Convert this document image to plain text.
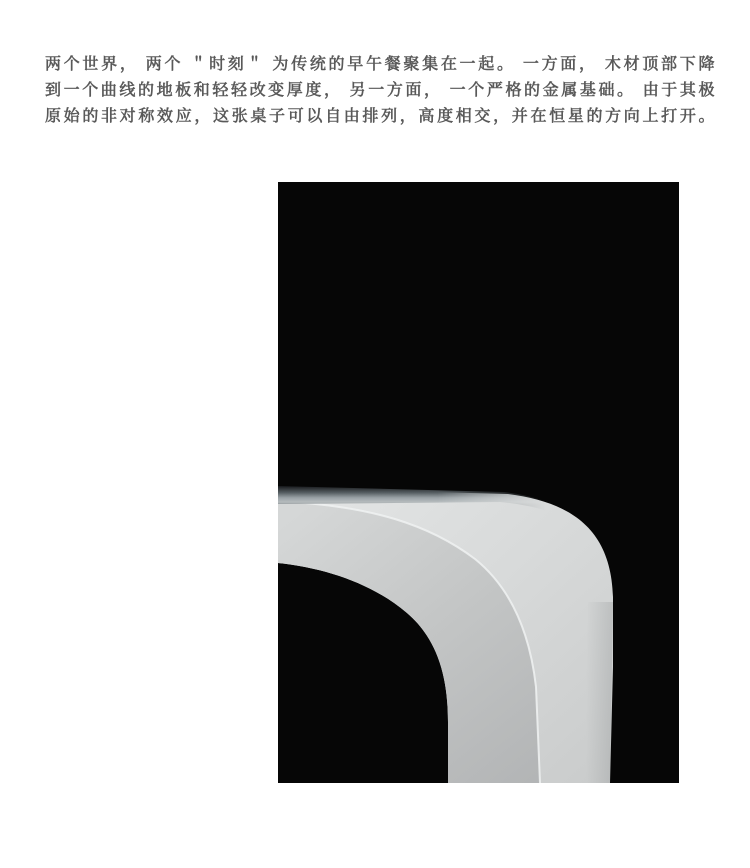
两个世界， 两个 ＂时刻＂ 为传统的早午餐聚集在一起。 一方面， 木材顶部下降
到一个曲线的地板和轻轻改变厚度， 另一方面， 一个严格的金属基础。 由于其极
原始的非对称效应，这张桌子可以自由排列，高度相交，并在恒星的方向上打开。
